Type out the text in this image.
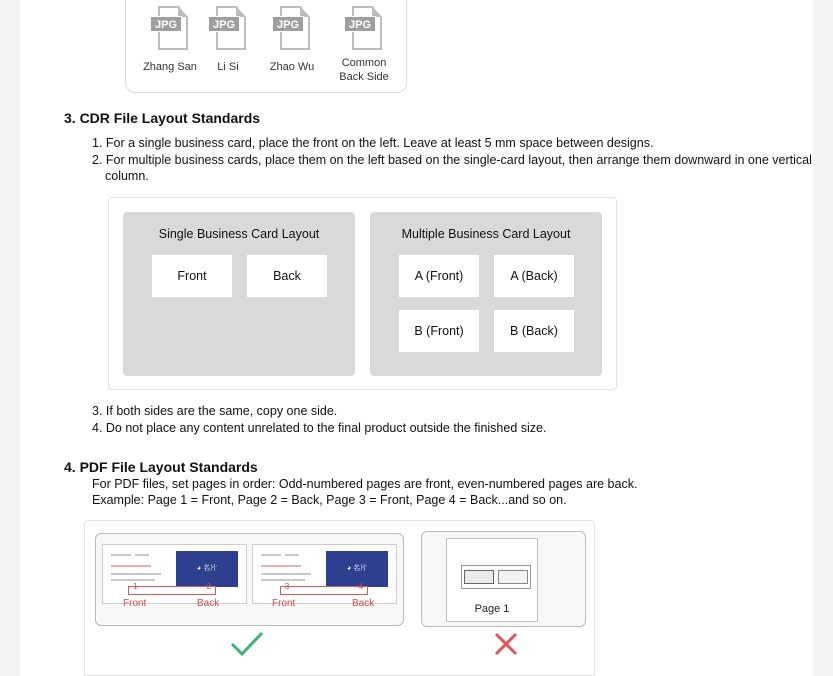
JPG
Zhang San
JPG
Li Si
JPG
Zhao Wu
JPG
Common Back Side
3. CDR File Layout Standards
1. For a single business card, place the front on the left. Leave at least 5 mm space between designs.
2. For multiple business cards, place them on the left based on the single-card layout, then arrange them downward in one vertical
column.
Single Business Card Layout
Front	Back
Multiple Business Card Layout
A (Front)	A (Back)
B (Front)	B (Back)
3. If both sides are the same, copy one side.
4. Do not place any content unrelated to the final product outside the finished size.
4. PDF File Layout Standards
For PDF files, set pages in order: Odd-numbered pages are front, even-numbered pages are back.
Example: Page 1 = Front, Page 2 = Back, Page 3 = Front, Page 4 = Back...and so on.
◕ 名片
1	2
Front	Back
◕ 名片
3	4
Front	Back	Page 1
